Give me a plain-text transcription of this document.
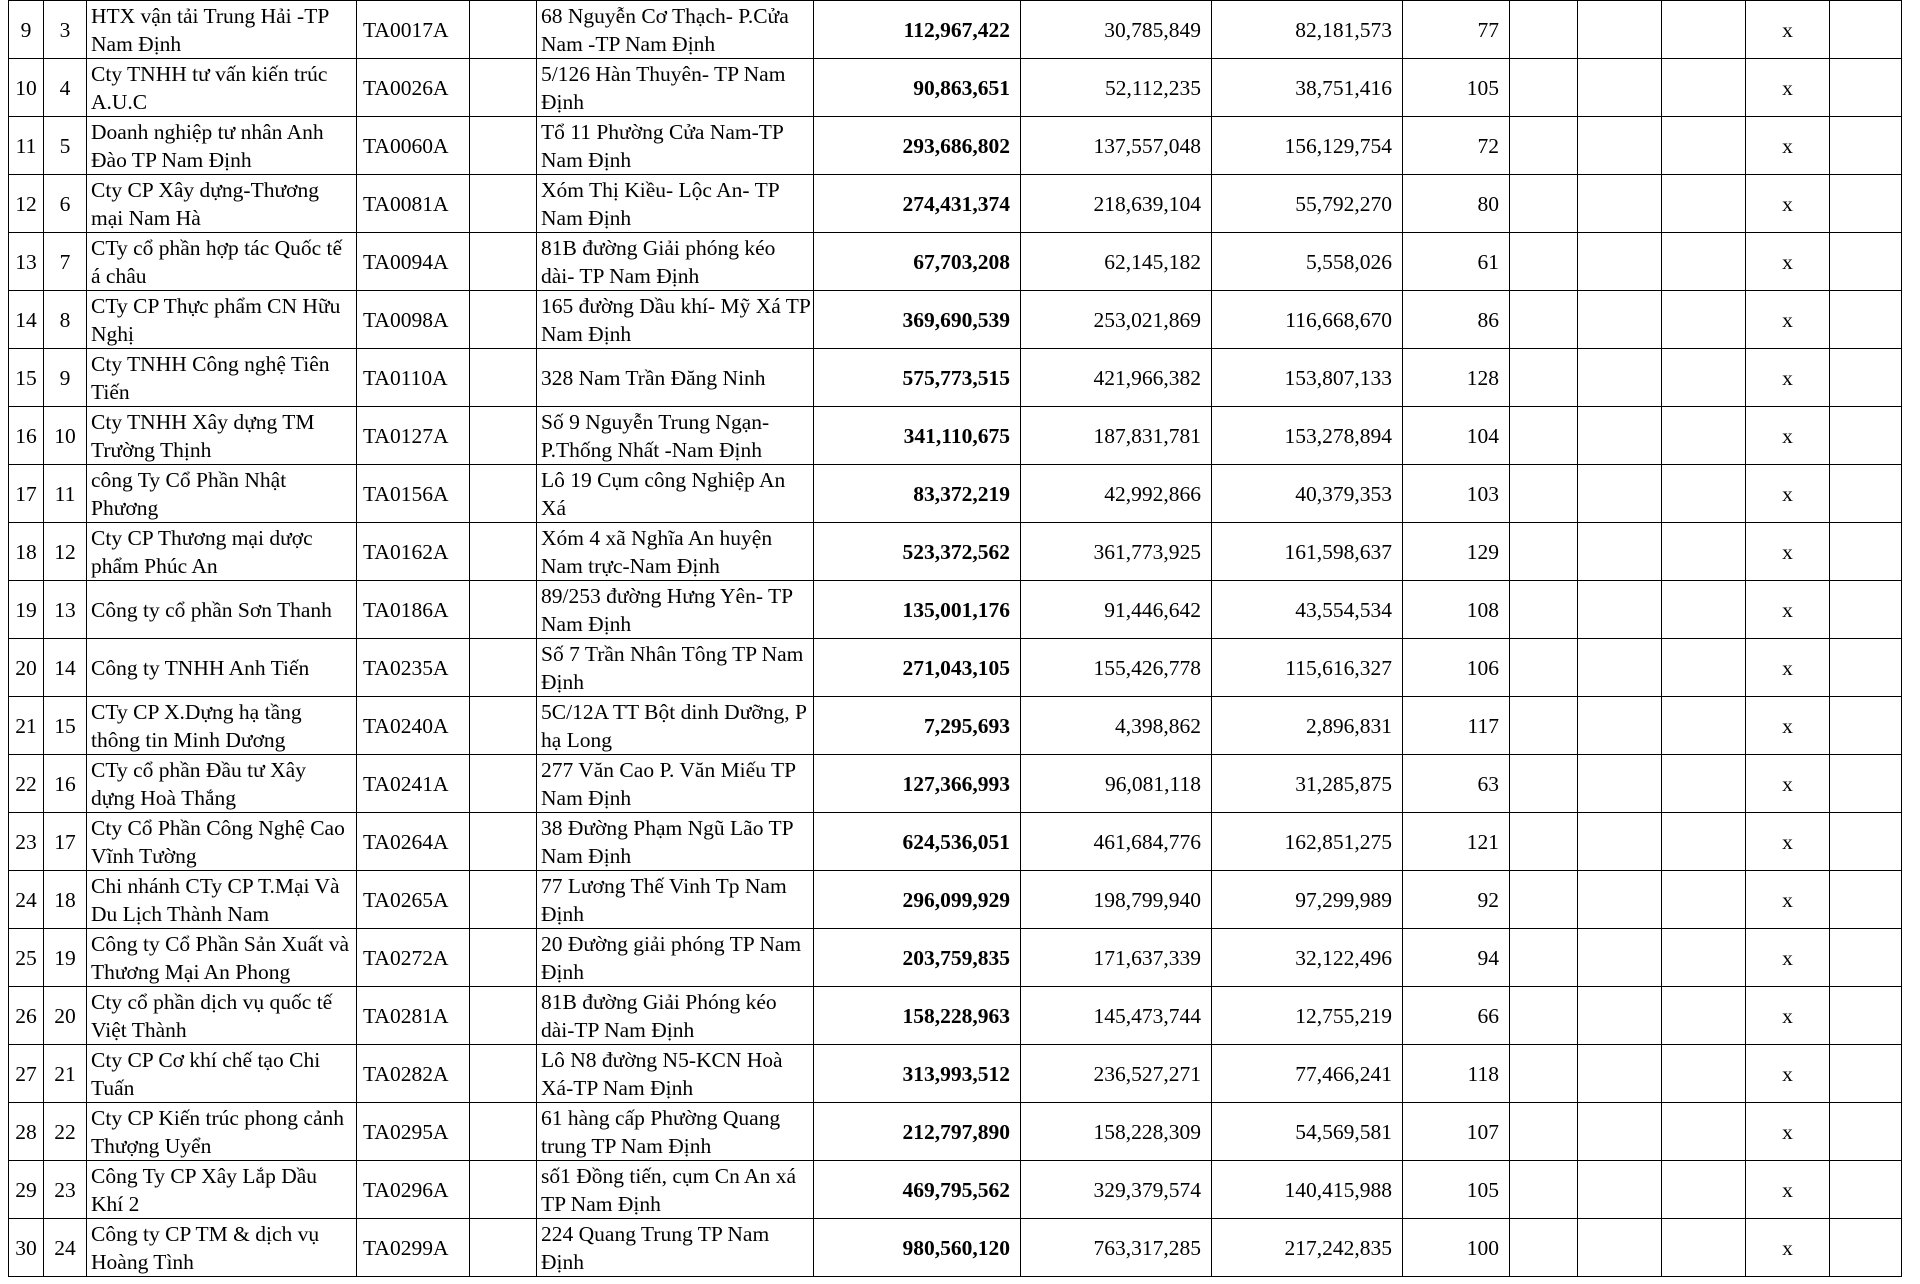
9	3	HTX vận tải Trung Hải -TP Nam Định	TA0017A		68 Nguyễn Cơ Thạch- P.Cửa Nam -TP Nam Định	112,967,422	30,785,849	82,181,573	77				x	
10	4	Cty TNHH tư vấn kiến trúc A.U.C	TA0026A		5/126 Hàn Thuyên- TP Nam Định	90,863,651	52,112,235	38,751,416	105				x	
11	5	Doanh nghiệp tư nhân Anh Đào TP Nam Định	TA0060A		Tổ 11 Phường Cửa Nam-TP Nam Định	293,686,802	137,557,048	156,129,754	72				x	
12	6	Cty CP Xây dựng-Thương mại Nam Hà	TA0081A		Xóm Thị Kiều- Lộc An- TP Nam Định	274,431,374	218,639,104	55,792,270	80				x	
13	7	CTy cổ phần hợp tác Quốc tế á châu	TA0094A		81B đường Giải phóng kéo dài- TP Nam Định	67,703,208	62,145,182	5,558,026	61				x	
14	8	CTy CP Thực phẩm CN Hữu Nghị	TA0098A		165 đường Dầu khí- Mỹ Xá TP Nam Định	369,690,539	253,021,869	116,668,670	86				x	
15	9	Cty TNHH Công nghệ Tiên Tiến	TA0110A		328 Nam Trần Đăng Ninh	575,773,515	421,966,382	153,807,133	128				x	
16	10	Cty TNHH Xây dựng TM Trường Thịnh	TA0127A		Số 9 Nguyễn Trung Ngạn- P.Thống Nhất -Nam Định	341,110,675	187,831,781	153,278,894	104				x	
17	11	công Ty Cổ Phần Nhật Phương	TA0156A		Lô 19 Cụm công Nghiệp An Xá	83,372,219	42,992,866	40,379,353	103				x	
18	12	Cty CP Thương mại dược phẩm Phúc An	TA0162A		Xóm 4 xã Nghĩa An huyện Nam trực-Nam Định	523,372,562	361,773,925	161,598,637	129				x	
19	13	Công ty cổ phần Sơn Thanh	TA0186A		89/253 đường Hưng Yên- TP Nam Định	135,001,176	91,446,642	43,554,534	108				x	
20	14	Công ty TNHH Anh Tiến	TA0235A		Số 7 Trần Nhân Tông TP Nam Định	271,043,105	155,426,778	115,616,327	106				x	
21	15	CTy CP X.Dựng hạ tầng thông tin Minh Dương	TA0240A		5C/12A TT Bột dinh Dưỡng, P hạ Long	7,295,693	4,398,862	2,896,831	117				x	
22	16	CTy cổ phần Đầu tư Xây dựng Hoà Thắng	TA0241A		277 Văn Cao P. Văn Miếu TP Nam Định	127,366,993	96,081,118	31,285,875	63				x	
23	17	Cty Cổ Phần Công Nghệ Cao Vĩnh Tường	TA0264A		38 Đường Phạm Ngũ Lão TP Nam Định	624,536,051	461,684,776	162,851,275	121				x	
24	18	Chi nhánh CTy CP T.Mại Và Du Lịch Thành Nam	TA0265A		77 Lương Thế Vinh Tp Nam Định	296,099,929	198,799,940	97,299,989	92				x	
25	19	Công ty Cổ Phần Sản Xuất và Thương Mại An Phong	TA0272A		20 Đường giải phóng TP Nam Định	203,759,835	171,637,339	32,122,496	94				x	
26	20	Cty cổ phần dịch vụ quốc tế Việt Thành	TA0281A		81B đường Giải Phóng kéo dài-TP Nam Định	158,228,963	145,473,744	12,755,219	66				x	
27	21	Cty CP Cơ khí chế tạo Chi Tuấn	TA0282A		Lô N8 đường N5-KCN Hoà Xá-TP Nam Định	313,993,512	236,527,271	77,466,241	118				x	
28	22	Cty CP Kiến trúc phong cảnh Thượng Uyển	TA0295A		61 hàng cấp Phường Quang trung TP Nam Định	212,797,890	158,228,309	54,569,581	107				x	
29	23	Công Ty CP Xây Lắp Dầu Khí 2	TA0296A		số1 Đồng tiến, cụm Cn An xá TP Nam Định	469,795,562	329,379,574	140,415,988	105				x	
30	24	Công ty CP TM & dịch vụ Hoàng Tình	TA0299A		224 Quang Trung TP Nam Định	980,560,120	763,317,285	217,242,835	100				x	
